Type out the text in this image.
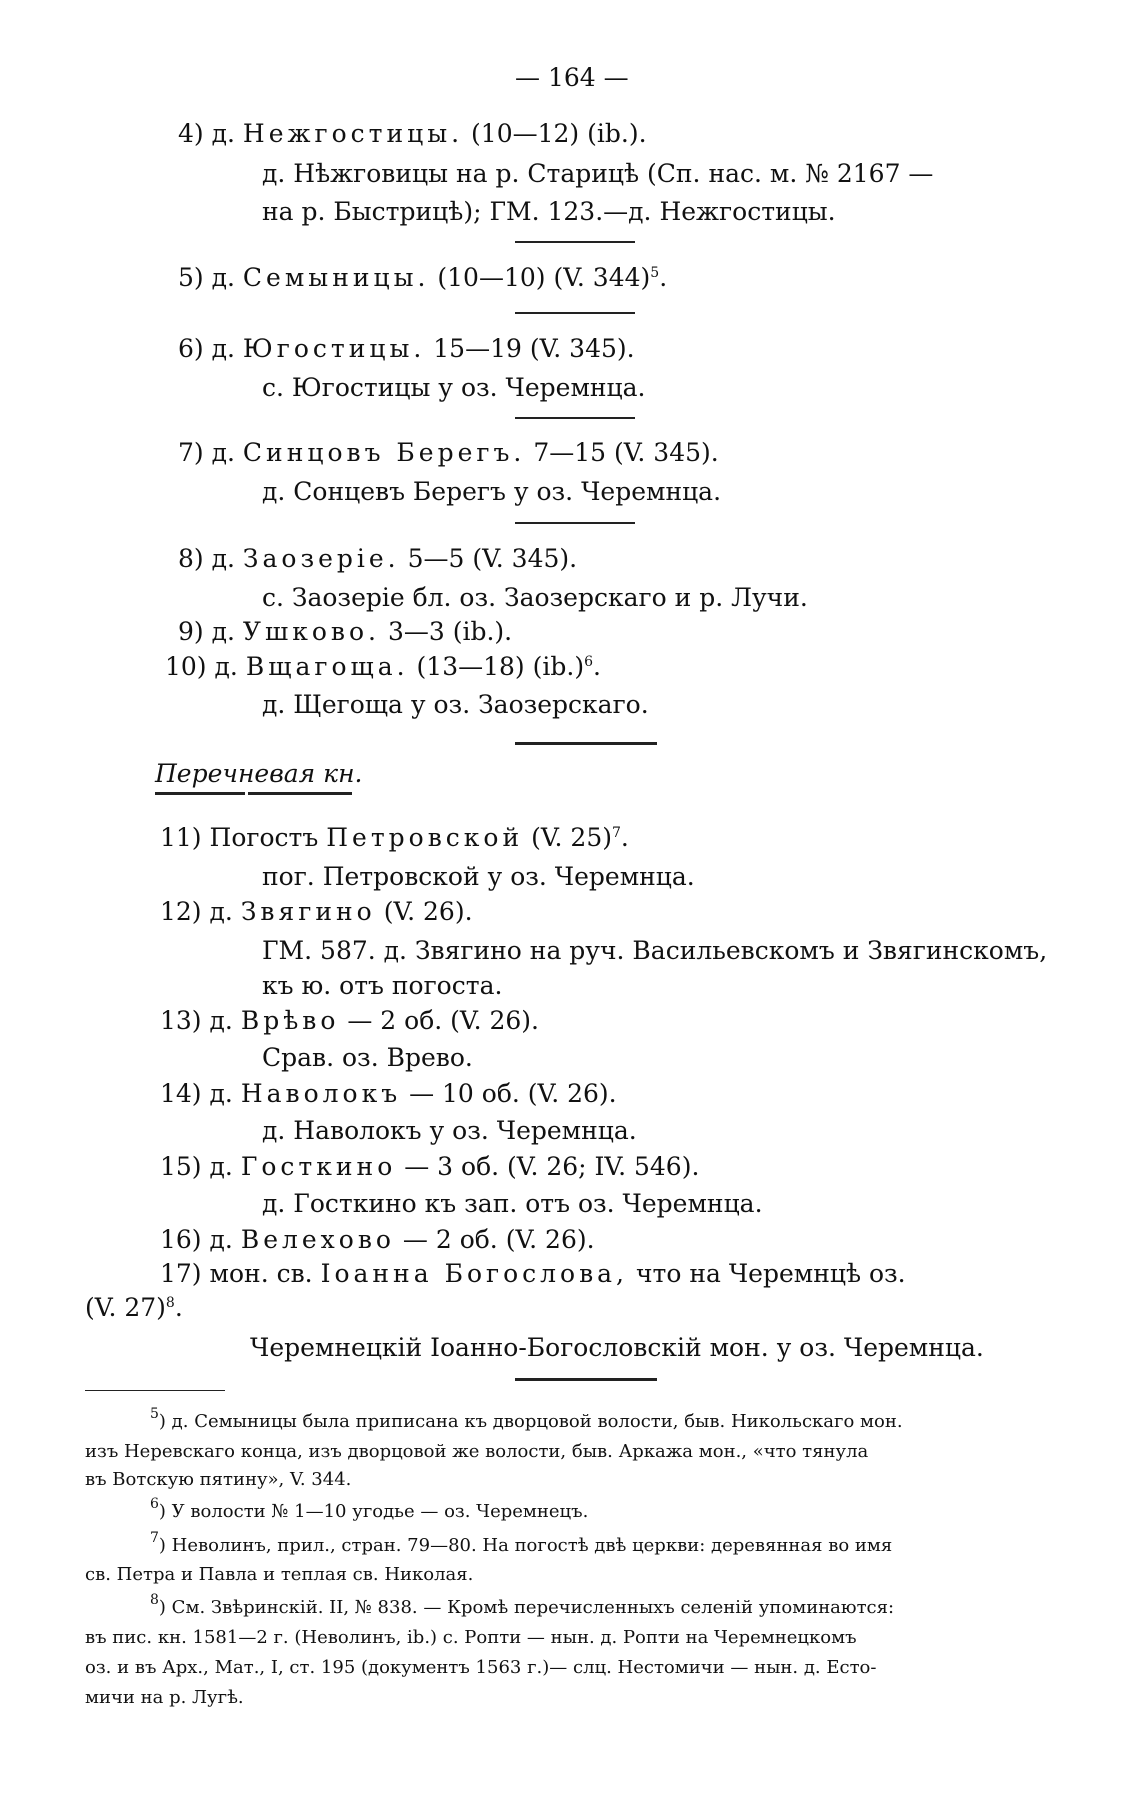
— 164 —
4) д. Нежгостицы. (10—12) (ib.).
д. Нѣжговицы на р. Старицѣ (Сп. нас. м. № 2167 —
на р. Быстрицѣ); ГМ. 123.—д. Нежгостицы.
5) д. Семыницы. (10—10) (V. 344)$^5$.
6) д. Югостицы. 15—19 (V. 345).
с. Югостицы у оз. Черемнца.
7) д. Синцовъ Берегъ. 7—15 (V. 345).
д. Сонцевъ Берегъ у оз. Черемнца.
8) д. Заозеріе. 5—5 (V. 345).
с. Заозеріе бл. оз. Заозерскаго и р. Лучи.
9) д. Ушково. 3—3 (ib.).
10) д. Вщагоща. (13—18) $(ib.)^6$.
д. Щегоща у оз. Заозерскаго.
Перечневая кн.
11) Погостъ Петровской (V. 25)$^7$.
пог. Петровской у оз. Черемнца.
12) д. Звягино (V. 26).
ГМ. 587. д. Звягино на руч. Васильевскомъ и Звягинскомъ,
къ ю. отъ погоста.
13) д. Врѣво — 2 об. (V. 26).
Срав. оз. Врево.
14) д. Наволокъ — 10 об. (V. 26).
д. Наволокъ у оз. Черемнца.
15) д. Госткино — 3 об. (V. 26; IV. 546).
д. Госткино къ зап. отъ оз. Черемнца.
16) д. Велехово — 2 об. (V. 26).
17) мон. св. Іоанна Богослова, что на Черемнцѣ оз.
(V. 27)$^8$.
Черемнецкій Іоанно-Богословскій мон. у оз. Черемнца.
$^5$) д. Семыницы была приписана къ дворцовой волости, быв. Никольскаго мон.
изъ Неревскаго конца, изъ дворцовой же волости, быв. Аркажа мон., «что тянула
въ Вотскую пятину», V. 344.
$^6$) У волости № 1—10 угодье — оз. Черемнецъ.
$^7$) Неволинъ, прил., стран. 79—80. На погостѣ двѣ церкви: деревянная во имя
св. Петра и Павла и теплая св. Николая.
$^8$) См. Звѣринскій. II, № 838. — Кромѣ перечисленныхъ селеній упоминаются:
въ пис. кн. 1581—2 г. (Неволинъ, ib.) с. Ропти — нын. д. Ропти на Черемнецкомъ
оз. и въ Арх., Мат., I, ст. 195 (документъ 1563 г.)— слц. Нестомичи — нын. д. Естo-
мичи на р. Лугѣ.
